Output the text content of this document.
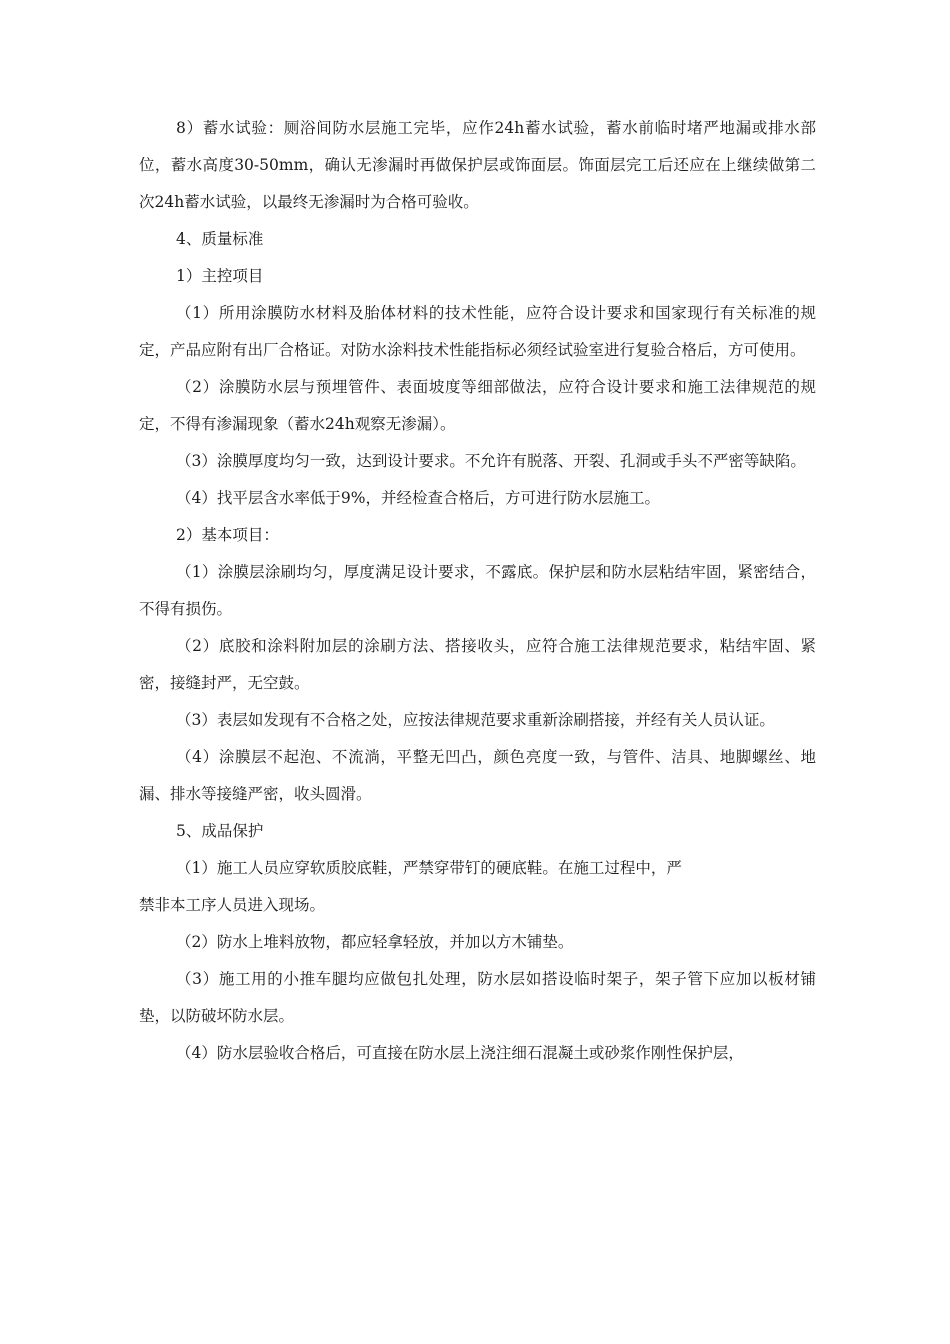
8）蓄水试验：厕浴间防水层施工完毕，应作24h蓄水试验，蓄水前临时堵严地漏或排水部位，蓄水高度30-50mm，确认无渗漏时再做保护层或饰面层。饰面层完工后还应在上继续做第二次24h蓄水试验，以最终无渗漏时为合格可验收。

4、质量标准

1）主控项目

（1）所用涂膜防水材料及胎体材料的技术性能，应符合设计要求和国家现行有关标准的规定，产品应附有出厂合格证。对防水涂料技术性能指标必须经试验室进行复验合格后，方可使用。

（2）涂膜防水层与预埋管件、表面坡度等细部做法，应符合设计要求和施工法律规范的规定，不得有渗漏现象（蓄水24h观察无渗漏）。

（3）涂膜厚度均匀一致，达到设计要求。不允许有脱落、开裂、孔洞或手头不严密等缺陷。

（4）找平层含水率低于9%，并经检查合格后，方可进行防水层施工。

2）基本项目：

（1）涂膜层涂刷均匀，厚度满足设计要求，不露底。保护层和防水层粘结牢固，紧密结合，不得有损伤。

（2）底胶和涂料附加层的涂刷方法、搭接收头，应符合施工法律规范要求，粘结牢固、紧密，接缝封严，无空鼓。

（3）表层如发现有不合格之处，应按法律规范要求重新涂刷搭接，并经有关人员认证。

（4）涂膜层不起泡、不流淌，平整无凹凸，颜色亮度一致，与管件、洁具、地脚螺丝、地漏、排水等接缝严密，收头圆滑。

5、成品保护

（1）施工人员应穿软质胶底鞋，严禁穿带钉的硬底鞋。在施工过程中，严

禁非本工序人员进入现场。

（2）防水上堆料放物，都应轻拿轻放，并加以方木铺垫。

（3）施工用的小推车腿均应做包扎处理，防水层如搭设临时架子，架子管下应加以板材铺垫，以防破坏防水层。

（4）防水层验收合格后，可直接在防水层上浇注细石混凝土或砂浆作刚性保护层，
